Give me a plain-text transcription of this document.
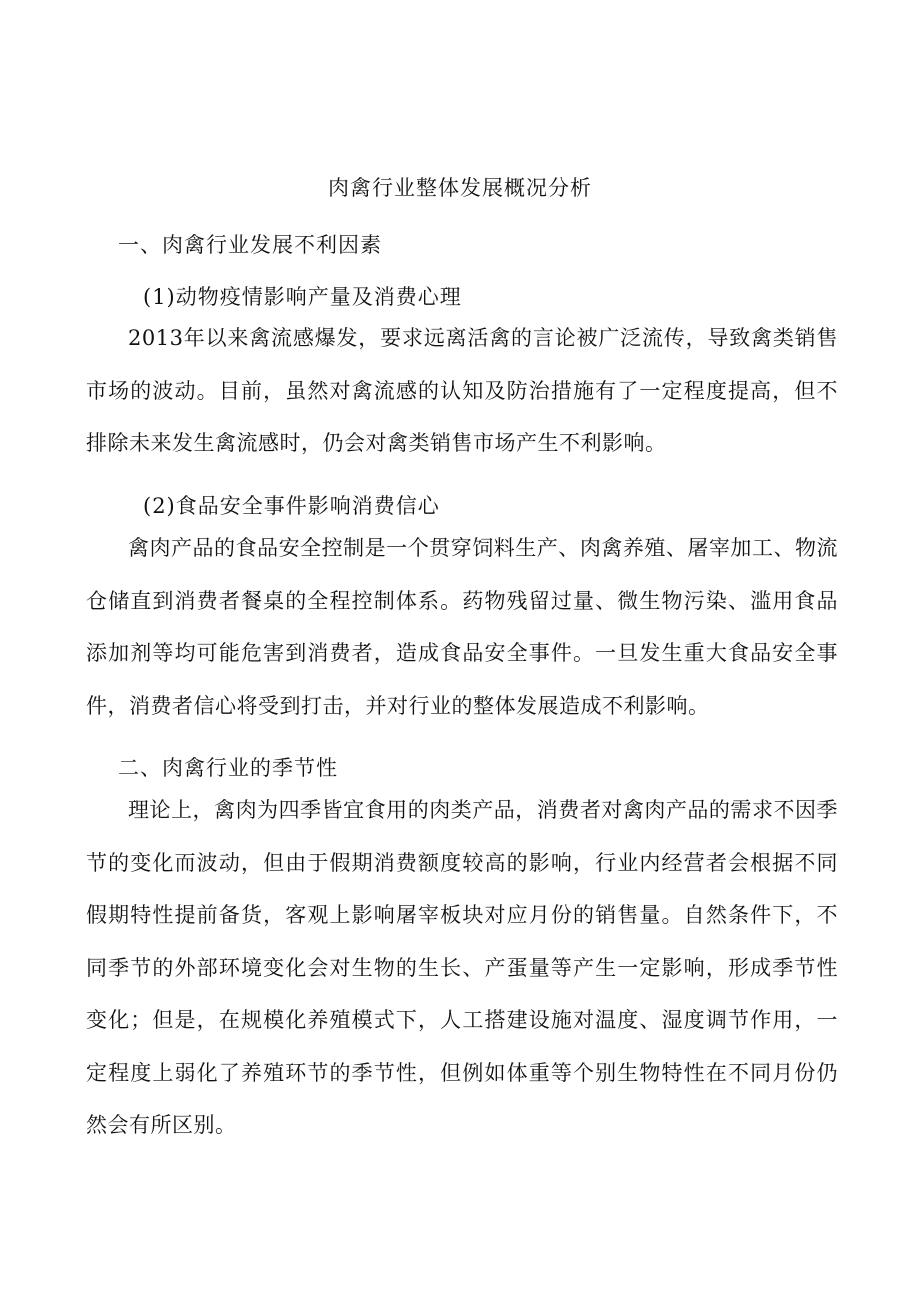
肉禽行业整体发展概况分析
一、肉禽行业发展不利因素
(1)动物疫情影响产量及消费心理

2013年以来禽流感爆发，要求远离活禽的言论被广泛流传，导致禽类销售市场的波动。目前，虽然对禽流感的认知及防治措施有了一定程度提高，但不排除未来发生禽流感时，仍会对禽类销售市场产生不利影响。

(2)食品安全事件影响消费信心

禽肉产品的食品安全控制是一个贯穿饲料生产、肉禽养殖、屠宰加工、物流仓储直到消费者餐桌的全程控制体系。药物残留过量、微生物污染、滥用食品添加剂等均可能危害到消费者，造成食品安全事件。一旦发生重大食品安全事件，消费者信心将受到打击，并对行业的整体发展造成不利影响。

二、肉禽行业的季节性

理论上，禽肉为四季皆宜食用的肉类产品，消费者对禽肉产品的需求不因季节的变化而波动，但由于假期消费额度较高的影响，行业内经营者会根据不同假期特性提前备货，客观上影响屠宰板块对应月份的销售量。自然条件下，不同季节的外部环境变化会对生物的生长、产蛋量等产生一定影响，形成季节性变化；但是，在规模化养殖模式下，人工搭建设施对温度、湿度调节作用，一定程度上弱化了养殖环节的季节性，但例如体重等个别生物特性在不同月份仍然会有所区别。
